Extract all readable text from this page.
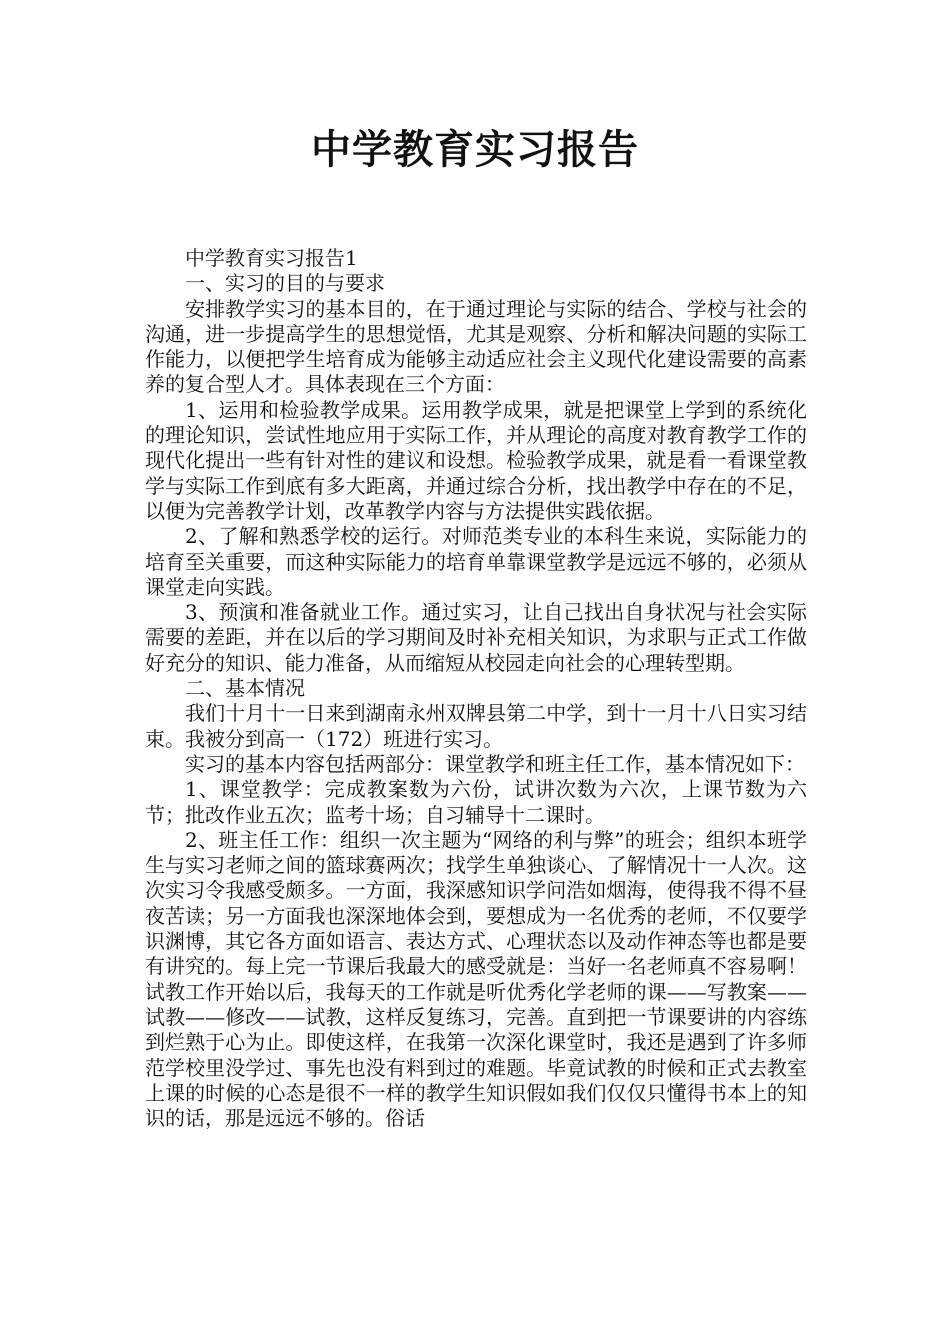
中学教育实习报告

中学教育实习报告1

一、实习的目的与要求

安排教学实习的基本目的，在于通过理论与实际的结合、学校与社会的沟通，进一步提高学生的思想觉悟，尤其是观察、分析和解决问题的实际工作能力，以便把学生培育成为能够主动适应社会主义现代化建设需要的高素养的复合型人才。具体表现在三个方面：

1、运用和检验教学成果。运用教学成果，就是把课堂上学到的系统化的理论知识，尝试性地应用于实际工作，并从理论的高度对教育教学工作的现代化提出一些有针对性的建议和设想。检验教学成果，就是看一看课堂教学与实际工作到底有多大距离，并通过综合分析，找出教学中存在的不足，以便为完善教学计划，改革教学内容与方法提供实践依据。

2、了解和熟悉学校的运行。对师范类专业的本科生来说，实际能力的培育至关重要，而这种实际能力的培育单靠课堂教学是远远不够的，必须从课堂走向实践。

3、预演和准备就业工作。通过实习，让自己找出自身状况与社会实际需要的差距，并在以后的学习期间及时补充相关知识，为求职与正式工作做好充分的知识、能力准备，从而缩短从校园走向社会的心理转型期。

二、基本情况

我们十月十一日来到湖南永州双牌县第二中学，到十一月十八日实习结束。我被分到高一（172）班进行实习。

实习的基本内容包括两部分：课堂教学和班主任工作，基本情况如下：

1、课堂教学：完成教案数为六份，试讲次数为六次，上课节数为六节；批改作业五次；监考十场；自习辅导十二课时。

2、班主任工作：组织一次主题为“网络的利与弊”的班会；组织本班学生与实习老师之间的篮球赛两次；找学生单独谈心、了解情况十一人次。这次实习令我感受颇多。一方面，我深感知识学问浩如烟海，使得我不得不昼夜苦读；另一方面我也深深地体会到，要想成为一名优秀的老师，不仅要学识渊博，其它各方面如语言、表达方式、心理状态以及动作神态等也都是要有讲究的。每上完一节课后我最大的感受就是：当好一名老师真不容易啊！试教工作开始以后，我每天的工作就是听优秀化学老师的课——写教案——试教——修改——试教，这样反复练习，完善。直到把一节课要讲的内容练到烂熟于心为止。即使这样，在我第一次深化课堂时，我还是遇到了许多师范学校里没学过、事先也没有料到过的难题。毕竟试教的时候和正式去教室上课的时候的心态是很不一样的教学生知识假如我们仅仅只懂得书本上的知识的话，那是远远不够的。俗话
